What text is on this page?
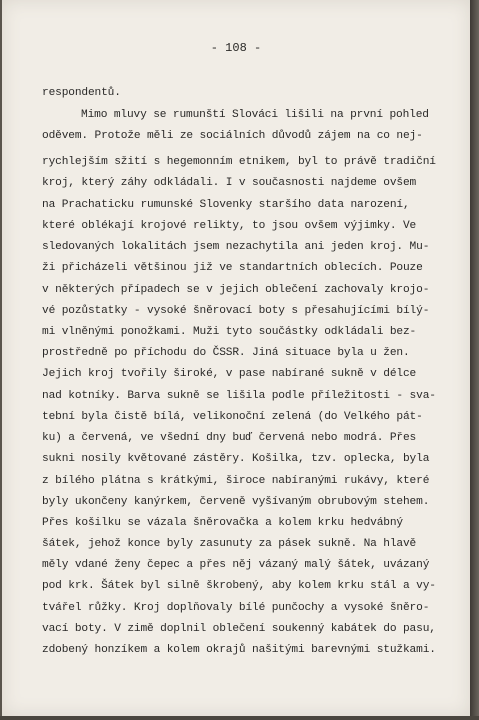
- 108 -
respondentů.
Mimo mluvy se rumunští Slováci lišili na první pohled
oděvem. Protože měli ze sociálních důvodů zájem na co nej-
rychlejším sžití s hegemonním etnikem, byl to právě tradiční
kroj, který záhy odkládali. I v současnosti najdeme ovšem
na Prachaticku rumunské Slovenky staršího data narození,
které oblékají krojové relikty, to jsou ovšem výjimky. Ve
sledovaných lokalitách jsem nezachytila ani jeden kroj. Mu-
ži přicházeli většinou již ve standartních oblecích. Pouze
v některých případech se v jejich oblečení zachovaly krojo-
vé pozůstatky - vysoké šněrovací boty s přesahujícími bílý-
mi vlněnými ponožkami. Muži tyto součástky odkládali bez-
prostředně po příchodu do ČSSR. Jiná situace byla u žen.
Jejich kroj tvořily široké, v pase nabírané sukně v délce
nad kotníky. Barva sukně se lišila podle příležitosti - sva-
tební byla čistě bílá, velikonoční zelená (do Velkého pát-
ku) a červená, ve všední dny buď červená nebo modrá. Přes
sukni nosily květované zástěry. Košilka, tzv. oplecka, byla
z bílého plátna s krátkými, široce nabíranými rukávy, které
byly ukončeny kanýrkem, červeně vyšívaným obrubovým stehem.
Přes košilku se vázala šněrovačka a kolem krku hedvábný
šátek, jehož konce byly zasunuty za pásek sukně. Na hlavě
měly vdané ženy čepec a přes něj vázaný malý šátek, uvázaný
pod krk. Šátek byl silně škrobený, aby kolem krku stál a vy-
tvářel růžky. Kroj doplňovaly bílé punčochy a vysoké šněro-
vací boty. V zimě doplnil oblečení soukenný kabátek do pasu,
zdobený honzíkem a kolem okrajů našitými barevnými stužkami.
